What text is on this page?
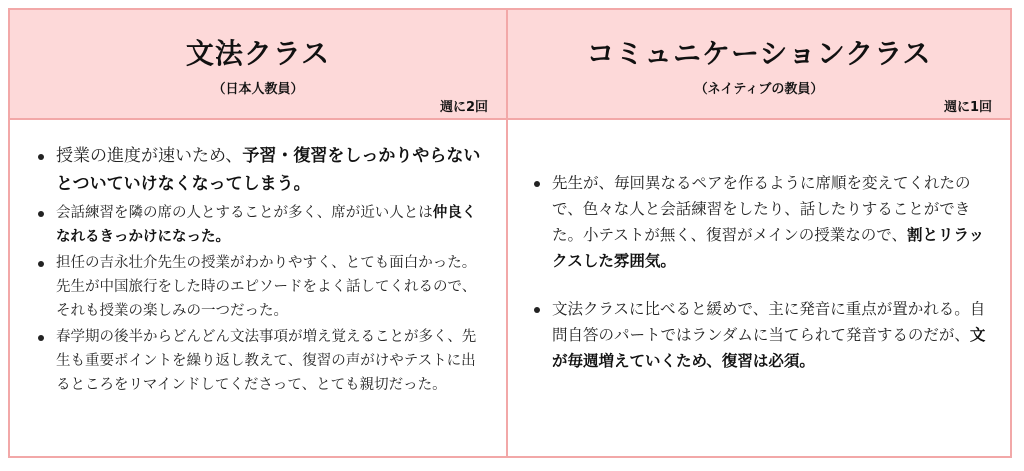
文法クラス
（日本人教員）
週に2回
授業の進度が速いため、予習・復習をしっかりやらないとついていけなくなってしまう。
会話練習を隣の席の人とすることが多く、席が近い人とは仲良くなれるきっかけになった。
担任の吉永壮介先生の授業がわかりやすく、とても面白かった。先生が中国旅行をした時のエピソードをよく話してくれるので、それも授業の楽しみの一つだった。
春学期の後半からどんどん文法事項が増え覚えることが多く、先生も重要ポイントを繰り返し教えて、復習の声がけやテストに出るところをリマインドしてくださって、とても親切だった。
コミュニケーションクラス
（ネイティブの教員）
週に1回
先生が、毎回異なるペアを作るように席順を変えてくれたので、色々な人と会話練習をしたり、話したりすることができた。小テストが無く、復習がメインの授業なので、割とリラックスした雰囲気。
文法クラスに比べると緩めで、主に発音に重点が置かれる。自問自答のパートではランダムに当てられて発音するのだが、文が毎週増えていくため、復習は必須。
